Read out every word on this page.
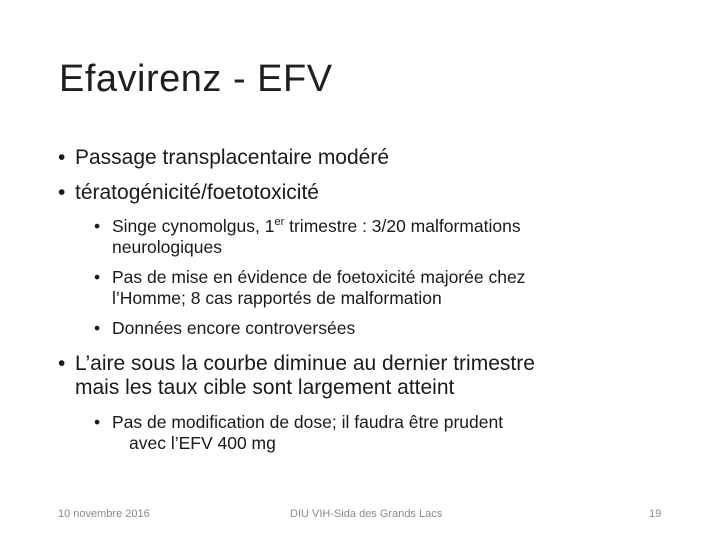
Efavirenz - EFV
• Passage transplacentaire modéré
• tératogénicité/foetotoxicité
• Singe cynomolgus, 1er trimestre : 3/20 malformations
neurologiques
• Pas de mise en évidence de foetoxicité majorée chez
l’Homme; 8 cas rapportés de malformation
• Données encore controversées
• L’aire sous la courbe diminue au dernier trimestre
mais les taux cible sont largement atteint
• Pas de modification de dose; il faudra être prudent
avec l’EFV 400 mg
10 novembre 2016	DIU VIH-Sida des Grands Lacs	19
